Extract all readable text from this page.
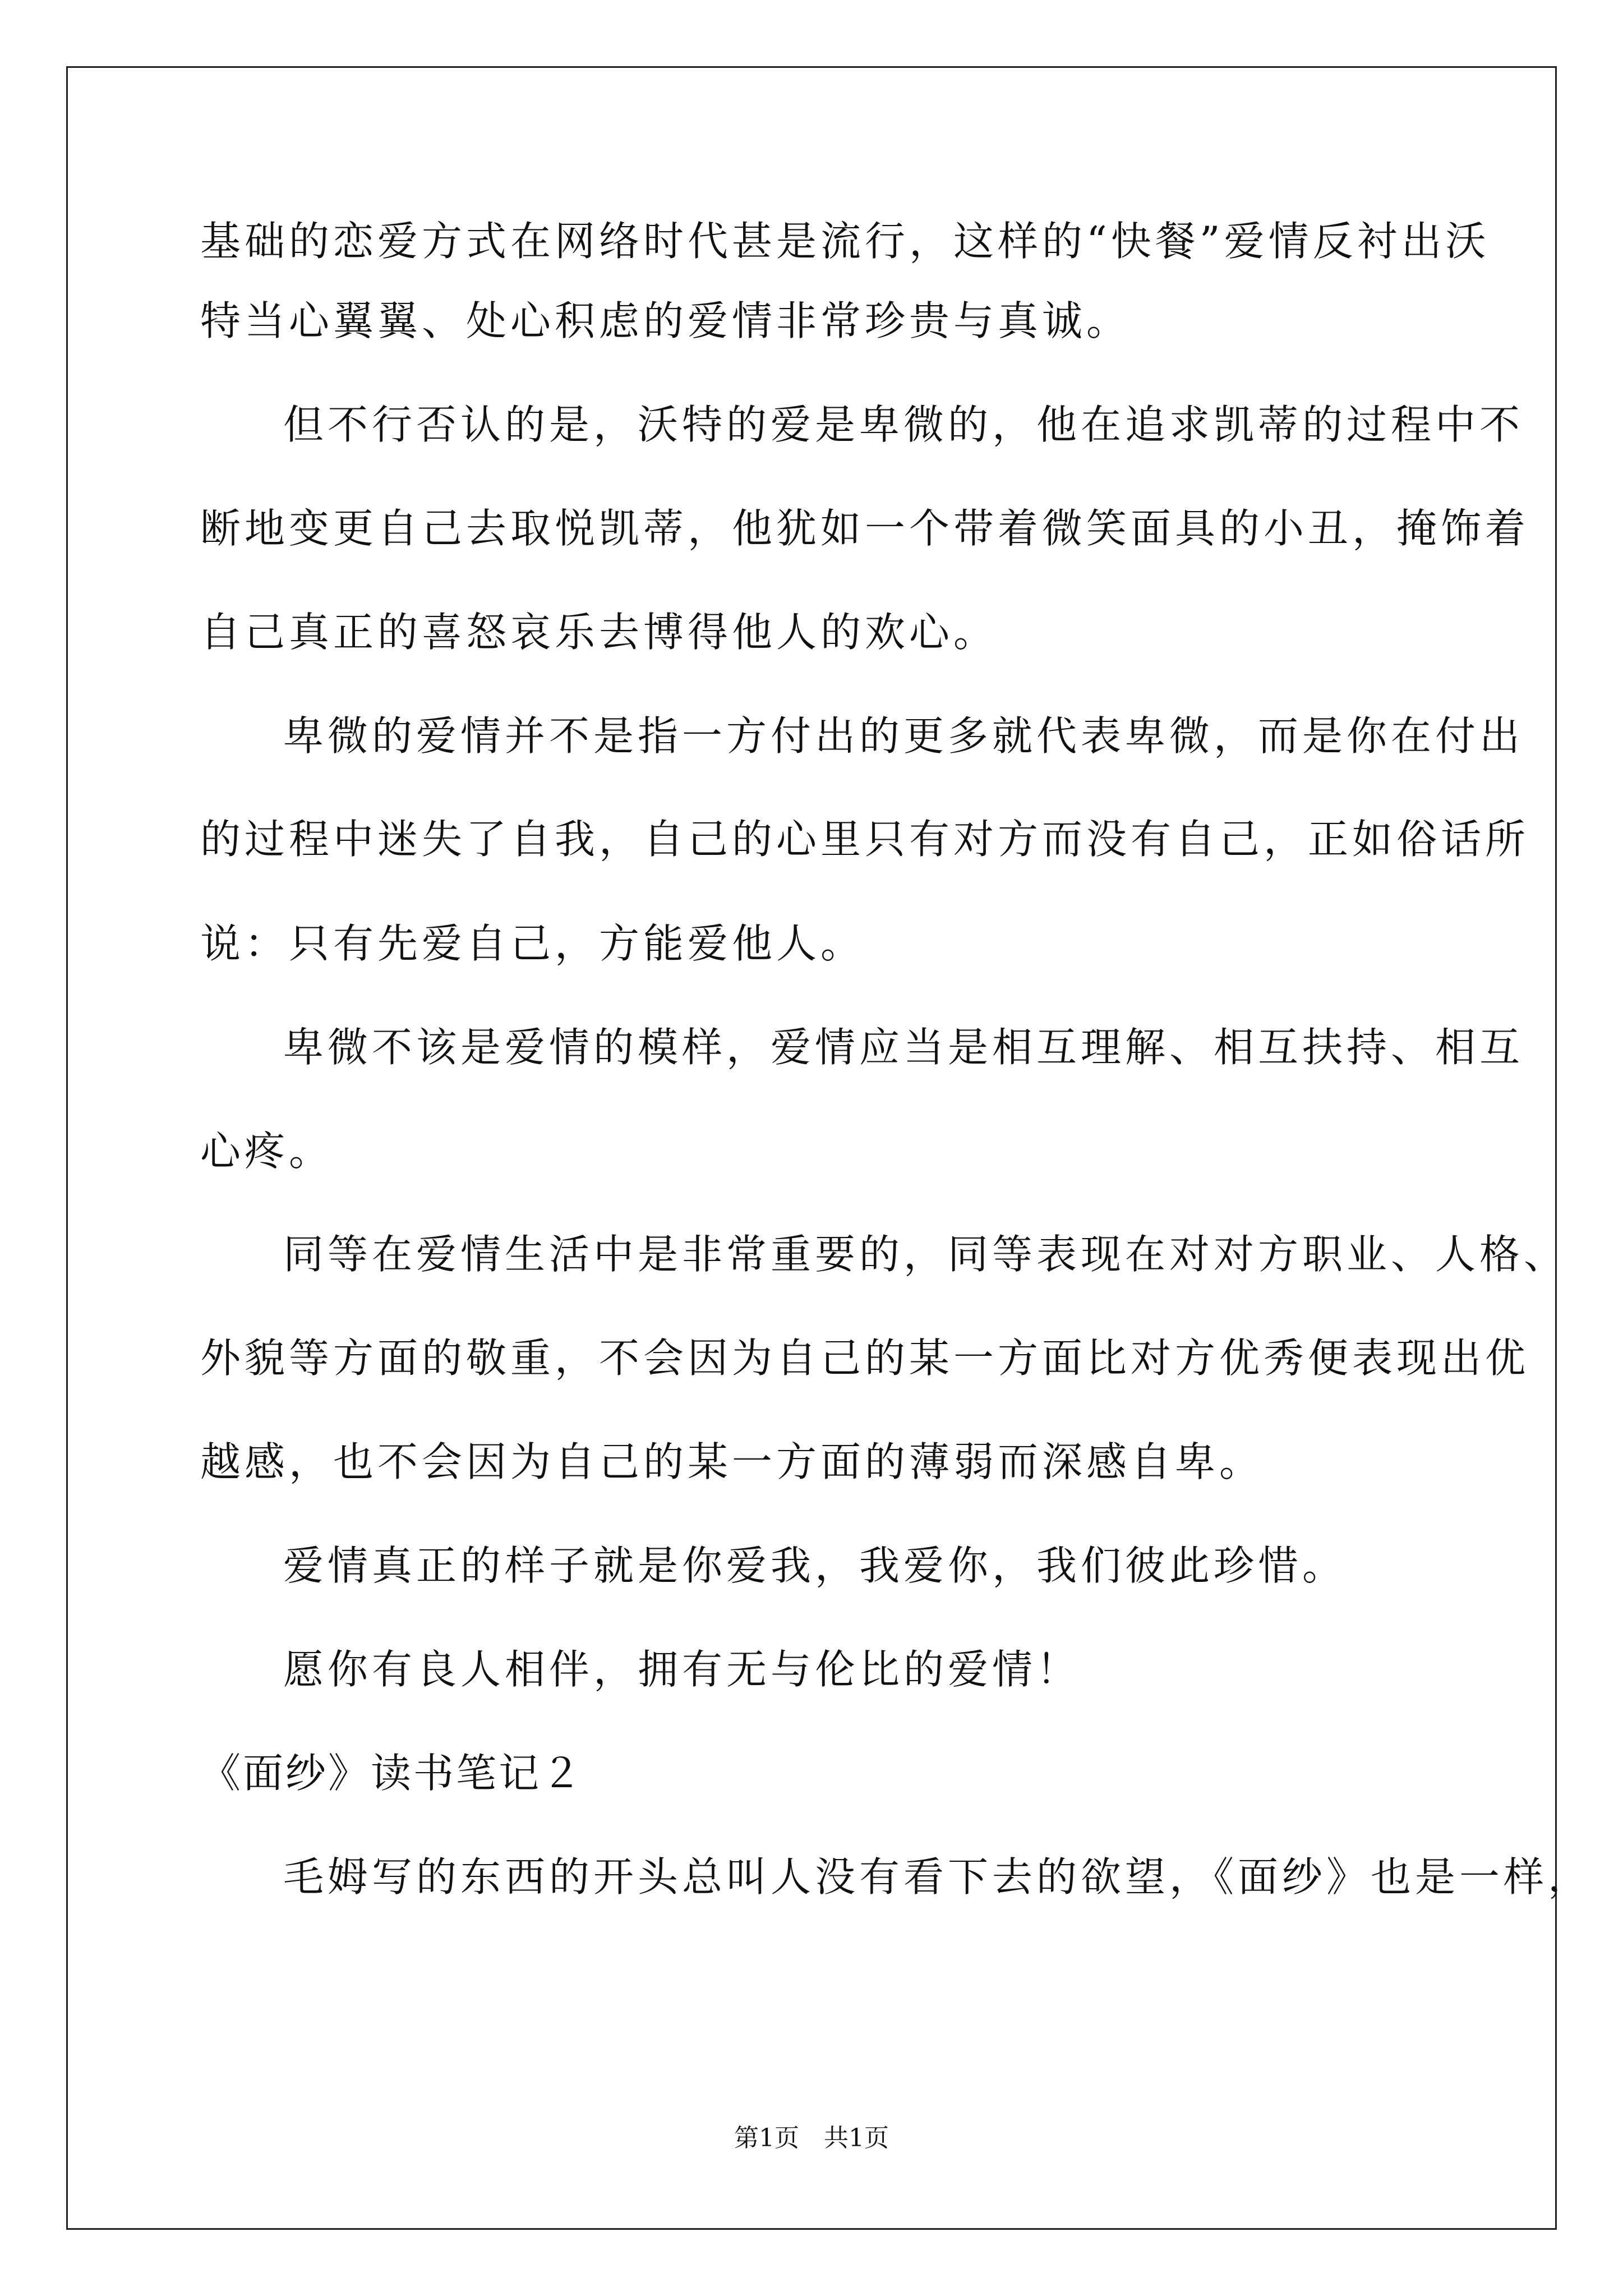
基础的恋爱方式在网络时代甚是流行，这样的“快餐”爱情反衬出沃
特当心翼翼、处心积虑的爱情非常珍贵与真诚。
但不行否认的是，沃特的爱是卑微的，他在追求凯蒂的过程中不
断地变更自己去取悦凯蒂，他犹如一个带着微笑面具的小丑，掩饰着
自己真正的喜怒哀乐去博得他人的欢心。
卑微的爱情并不是指一方付出的更多就代表卑微，而是你在付出
的过程中迷失了自我，自己的心里只有对方而没有自己，正如俗话所
说：只有先爱自己，方能爱他人。
卑微不该是爱情的模样，爱情应当是相互理解、相互扶持、相互
心疼。
同等在爱情生活中是非常重要的，同等表现在对对方职业、人格、
外貌等方面的敬重，不会因为自己的某一方面比对方优秀便表现出优
越感，也不会因为自己的某一方面的薄弱而深感自卑。
爱情真正的样子就是你爱我，我爱你，我们彼此珍惜。
愿你有良人相伴，拥有无与伦比的爱情！
《面纱》读书笔记２
毛姆写的东西的开头总叫人没有看下去的欲望，《面纱》也是一样，
第1页　共1页
